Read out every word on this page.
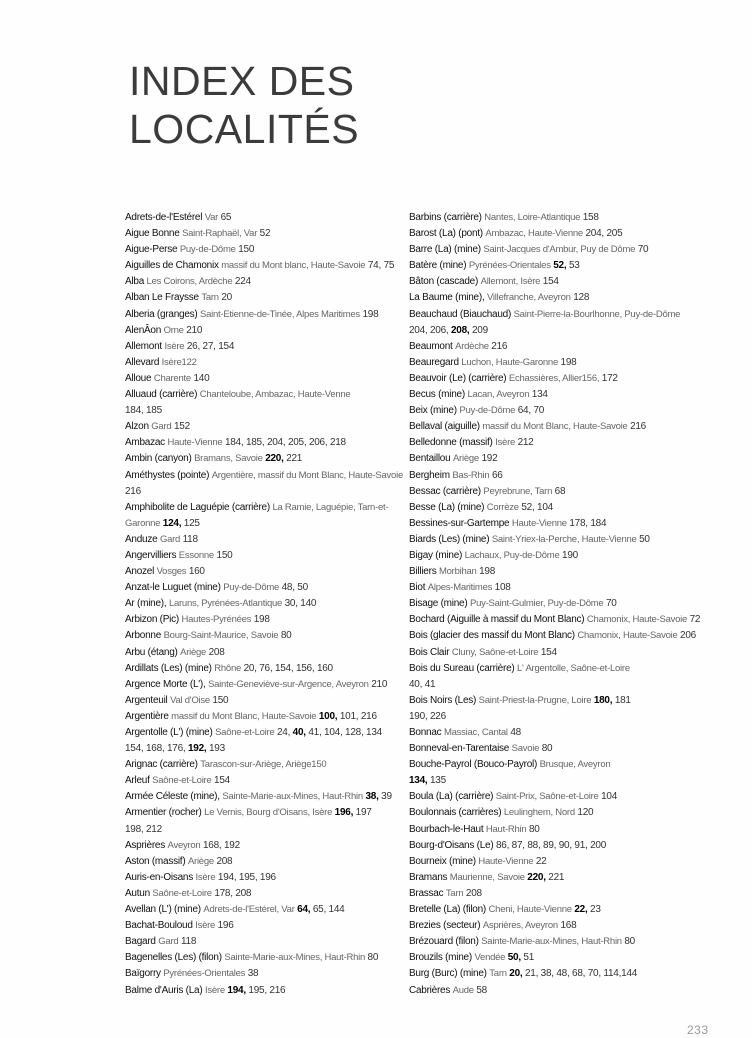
INDEX DES
LOCALITÉS
Adrets-de-l'Estérel Var 65
Aigue Bonne Saint-Raphaël, Var 52
Aigue-Perse Puy-de-Dôme 150
Aiguilles de Chamonix massif du Mont blanc, Haute-Savoie 74, 75
Alba Les Coirons, Ardèche 224
Alban Le Fraysse Tarn 20
Alberia (granges) Saint-Etienne-de-Tinée, Alpes Maritimes 198
AlenÂon Orne 210
Allemont Isère 26, 27, 154
Allevard Isère122
Alloue Charente 140
Alluaud (carrière) Chanteloube, Ambazac, Haute-Venne
184, 185
Alzon Gard 152
Ambazac Haute-Vienne 184, 185, 204, 205, 206, 218
Ambin (canyon) Bramans, Savoie 220, 221
Améthystes (pointe) Argentière, massif du Mont Blanc, Haute-Savoie
216
Amphibolite de Laguépie (carrière) La Ramie, Laguépie, Tarn-et-
Garonne 124, 125
Anduze Gard 118
Angervilliers Essonne 150
Anozel Vosges 160
Anzat-le Luguet (mine) Puy-de-Dôme 48, 50
Ar (mine), Laruns, Pyrénées-Atlantique 30, 140
Arbizon (Pic) Hautes-Pyrénées 198
Arbonne Bourg-Saint-Maurice, Savoie 80
Arbu (étang) Ariège 208
Ardillats (Les) (mine) Rhône 20, 76, 154, 156, 160
Argence Morte (L'), Sainte-Geneviève-sur-Argence, Aveyron 210
Argenteuil Val d'Oise 150
Argentière massif du Mont Blanc, Haute-Savoie 100, 101, 216
Argentolle (L') (mine) Saône-et-Loire 24, 40, 41, 104, 128, 134
154, 168, 176, 192, 193
Arignac (carrière) Tarascon-sur-Ariège, Ariège150
Arleuf Saône-et-Loire 154
Armée Céleste (mine), Sainte-Marie-aux-Mines, Haut-Rhin 38, 39
Armentier (rocher) Le Vernis, Bourg d'Oisans, Isère 196, 197
198, 212
Asprières Aveyron 168, 192
Aston (massif) Ariège 208
Auris-en-Oisans Isère 194, 195, 196
Autun Saône-et-Loire 178, 208
Avellan (L') (mine) Adrets-de-l'Estérel, Var 64, 65, 144
Bachat-Bouloud Isère 196
Bagard Gard 118
Bagenelles (Les) (filon) Sainte-Marie-aux-Mines, Haut-Rhin 80
Baïgorry Pyrénées-Orientales 38
Balme d'Auris (La) Isère 194, 195, 216
Barbins (carrière) Nantes, Loire-Atlantique 158
Barost (La) (pont) Ambazac, Haute-Vienne 204, 205
Barre (La) (mine) Saint-Jacques d'Ambur, Puy de Dôme 70
Batère (mine) Pyrénées-Orientales 52, 53
Bâton (cascade) Allemont, Isère 154
La Baume (mine), Villefranche, Aveyron 128
Beauchaud (Biauchaud) Saint-Pierre-la-Bourlhonne, Puy-de-Dôme
204, 206, 208, 209
Beaumont Ardèche 216
Beauregard Luchon, Haute-Garonne 198
Beauvoir (Le) (carrière) Echassières, Allier156, 172
Becus (mine) Lacan, Aveyron 134
Beix (mine) Puy-de-Dôme 64, 70
Bellaval (aiguille) massif du Mont Blanc, Haute-Savoie 216
Belledonne (massif) Isère 212
Bentaillou Ariège 192
Bergheim Bas-Rhin 66
Bessac (carrière) Peyrebrune, Tarn 68
Besse (La) (mine) Corrèze 52, 104
Bessines-sur-Gartempe Haute-Vienne 178, 184
Biards (Les) (mine) Saint-Yriex-la-Perche, Haute-Vienne 50
Bigay (mine) Lachaux, Puy-de-Dôme 190
Billiers Morbihan 198
Biot Alpes-Maritimes 108
Bisage (mine) Puy-Saint-Gulmier, Puy-de-Dôme 70
Bochard (Aiguille à massif du Mont Blanc) Chamonix, Haute-Savoie 72
Bois (glacier des massif du Mont Blanc) Chamonix, Haute-Savoie 206
Bois Clair Cluny, Saône-et-Loire 154
Bois du Sureau (carrière) L' Argentolle, Saône-et-Loire
40, 41
Bois Noirs (Les) Saint-Priest-la-Prugne, Loire 180, 181
190, 226
Bonnac Massiac, Cantal 48
Bonneval-en-Tarentaise Savoie 80
Bouche-Payrol (Bouco-Payrol) Brusque, Aveyron
134, 135
Boula (La) (carrière) Saint-Prix, Saône-et-Loire 104
Boulonnais (carrières) Leulinghem, Nord 120
Bourbach-le-Haut Haut-Rhin 80
Bourg-d'Oisans (Le) 86, 87, 88, 89, 90, 91, 200
Bourneix (mine) Haute-Vienne 22
Bramans Maurienne, Savoie 220, 221
Brassac Tarn 208
Bretelle (La) (filon) Cheni, Haute-Vienne 22, 23
Brezies (secteur) Asprières, Aveyron 168
Brézouard (filon) Sainte-Marie-aux-Mines, Haut-Rhin 80
Brouzils (mine) Vendée 50, 51
Burg (Burc) (mine) Tarn 20, 21, 38, 48, 68, 70, 114,144
Cabrières Aude 58
233
